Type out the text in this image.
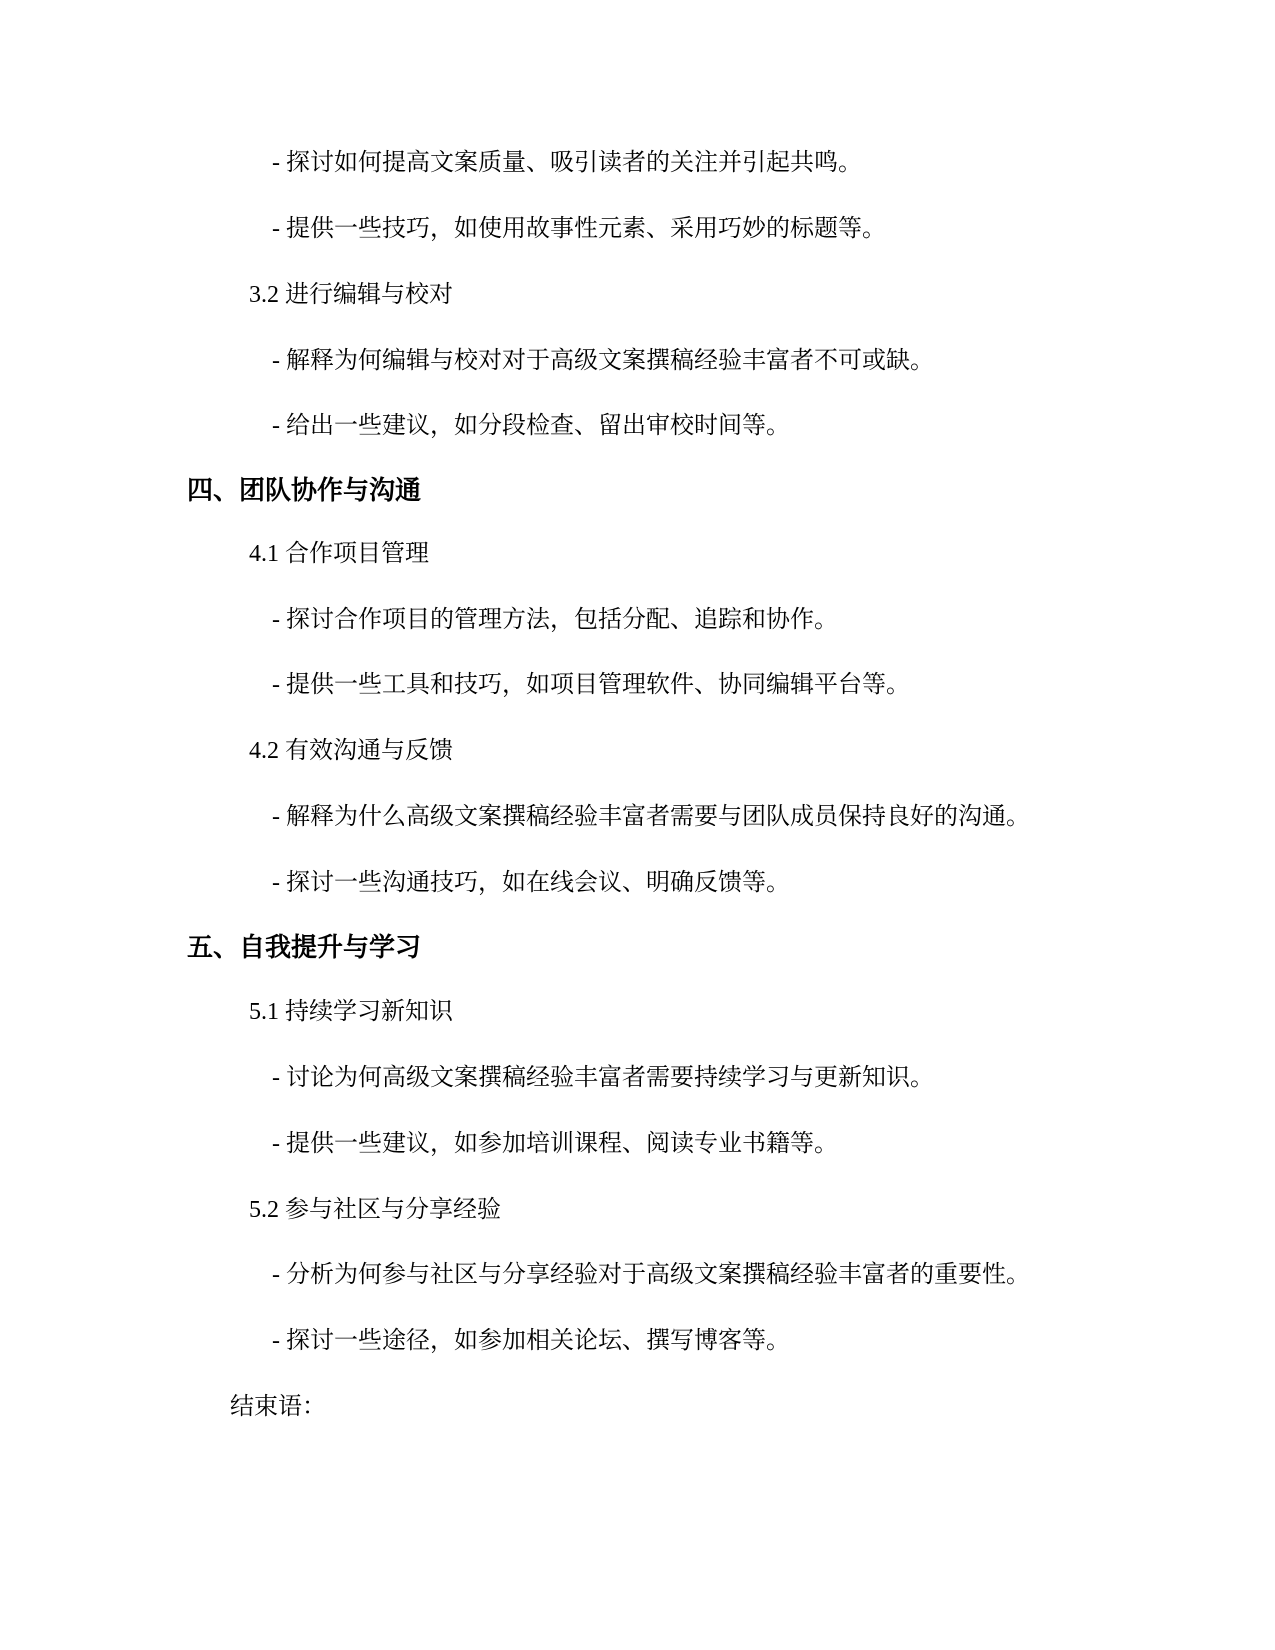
- 探讨如何提高文案质量、吸引读者的关注并引起共鸣。
- 提供一些技巧，如使用故事性元素、采用巧妙的标题等。
3.2 进行编辑与校对
- 解释为何编辑与校对对于高级文案撰稿经验丰富者不可或缺。
- 给出一些建议，如分段检查、留出审校时间等。
四、团队协作与沟通
4.1 合作项目管理
- 探讨合作项目的管理方法，包括分配、追踪和协作。
- 提供一些工具和技巧，如项目管理软件、协同编辑平台等。
4.2 有效沟通与反馈
- 解释为什么高级文案撰稿经验丰富者需要与团队成员保持良好的沟通。
- 探讨一些沟通技巧，如在线会议、明确反馈等。
五、自我提升与学习
5.1 持续学习新知识
- 讨论为何高级文案撰稿经验丰富者需要持续学习与更新知识。
- 提供一些建议，如参加培训课程、阅读专业书籍等。
5.2 参与社区与分享经验
- 分析为何参与社区与分享经验对于高级文案撰稿经验丰富者的重要性。
- 探讨一些途径，如参加相关论坛、撰写博客等。
结束语：
